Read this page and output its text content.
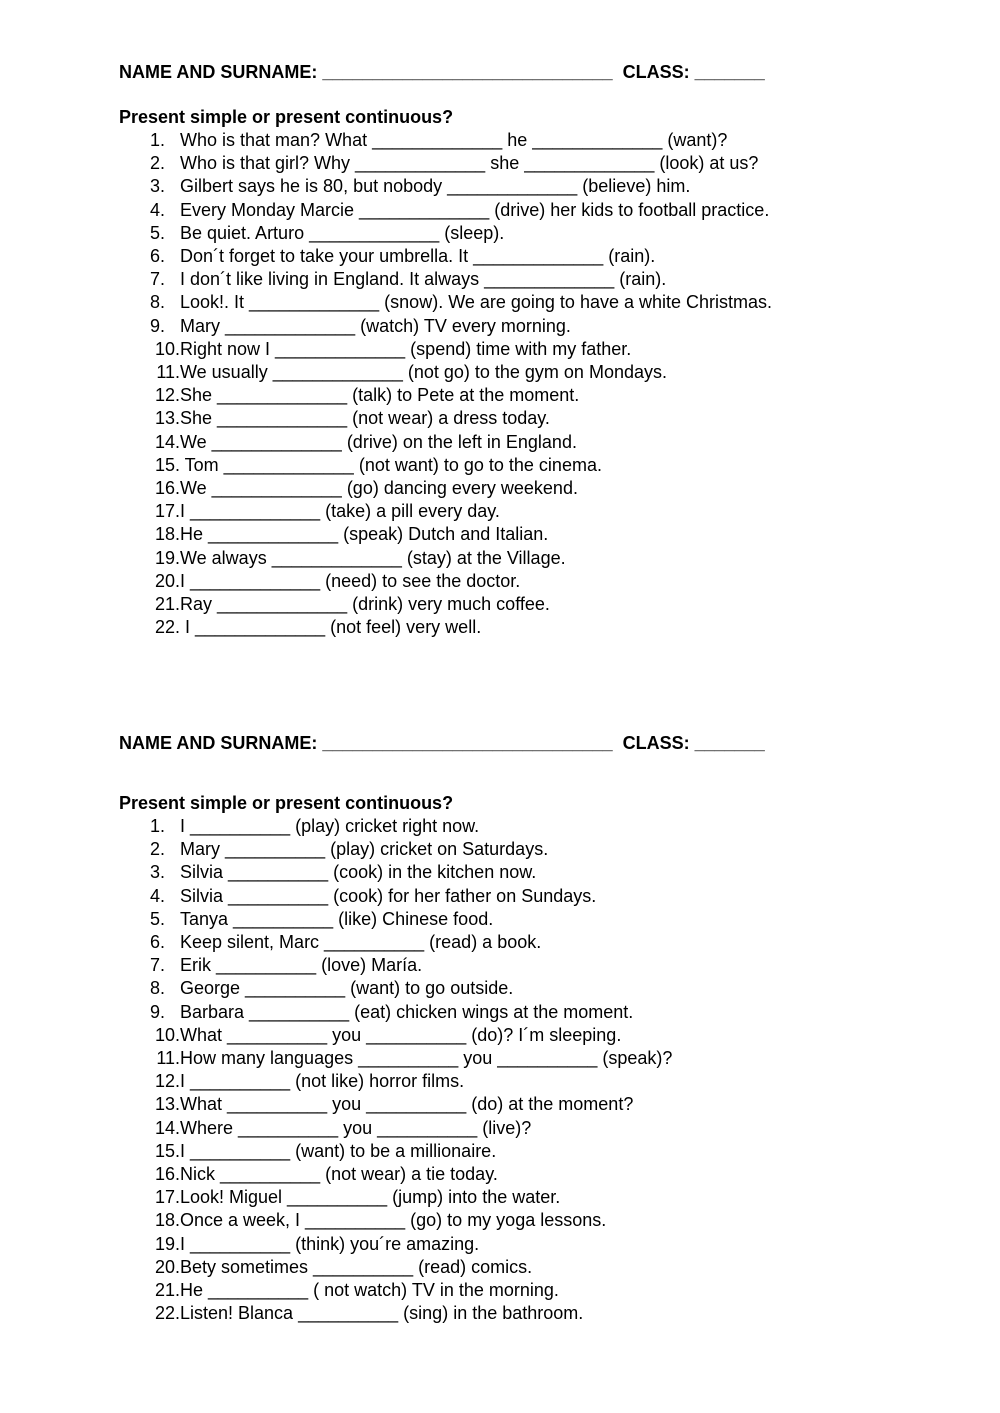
NAME AND SURNAME: _____________________________  CLASS: _______
Present simple or present continuous?
1. Who is that man? What _____________ he _____________ (want)?
2. Who is that girl? Why _____________ she _____________ (look) at us?
3. Gilbert says he is 80, but nobody _____________ (believe) him.
4. Every Monday Marcie _____________ (drive) her kids to football practice.
5. Be quiet. Arturo _____________ (sleep).
6. Don´t forget to take your umbrella. It _____________ (rain).
7. I don´t like living in England. It always _____________ (rain).
8. Look!. It _____________ (snow). We are going to have a white Christmas.
9. Mary _____________ (watch) TV every morning.
10. Right now I _____________ (spend) time with my father.
11. We usually _____________ (not go) to the gym on Mondays.
12. She _____________ (talk) to Pete at the moment.
13. She _____________ (not wear) a dress today.
14. We _____________ (drive) on the left in England.
15. Tom _____________ (not want) to go to the cinema.
16. We _____________ (go) dancing every weekend.
17. I _____________ (take) a pill every day.
18. He _____________ (speak) Dutch and Italian.
19. We always _____________ (stay) at the Village.
20. I _____________ (need) to see the doctor.
21. Ray _____________ (drink) very much coffee.
22. I _____________ (not feel) very well.
NAME AND SURNAME: _____________________________  CLASS: _______
Present simple or present continuous?
1. I __________ (play) cricket right now.
2. Mary __________ (play) cricket on Saturdays.
3. Silvia __________ (cook) in the kitchen now.
4. Silvia __________ (cook) for her father on Sundays.
5. Tanya __________ (like) Chinese food.
6. Keep silent, Marc __________ (read) a book.
7. Erik __________ (love) María.
8. George __________ (want) to go outside.
9. Barbara __________ (eat) chicken wings at the moment.
10. What __________ you __________ (do)? I´m sleeping.
11. How many languages __________ you __________ (speak)?
12. I __________ (not like) horror films.
13. What __________ you __________ (do) at the moment?
14. Where __________ you __________ (live)?
15. I __________ (want) to be a millionaire.
16. Nick __________ (not wear) a tie today.
17. Look! Miguel __________ (jump) into the water.
18. Once a week, I __________ (go) to my yoga lessons.
19. I __________ (think) you´re amazing.
20. Bety sometimes __________ (read) comics.
21. He __________ ( not watch) TV in the morning.
22. Listen! Blanca __________ (sing) in the bathroom.
